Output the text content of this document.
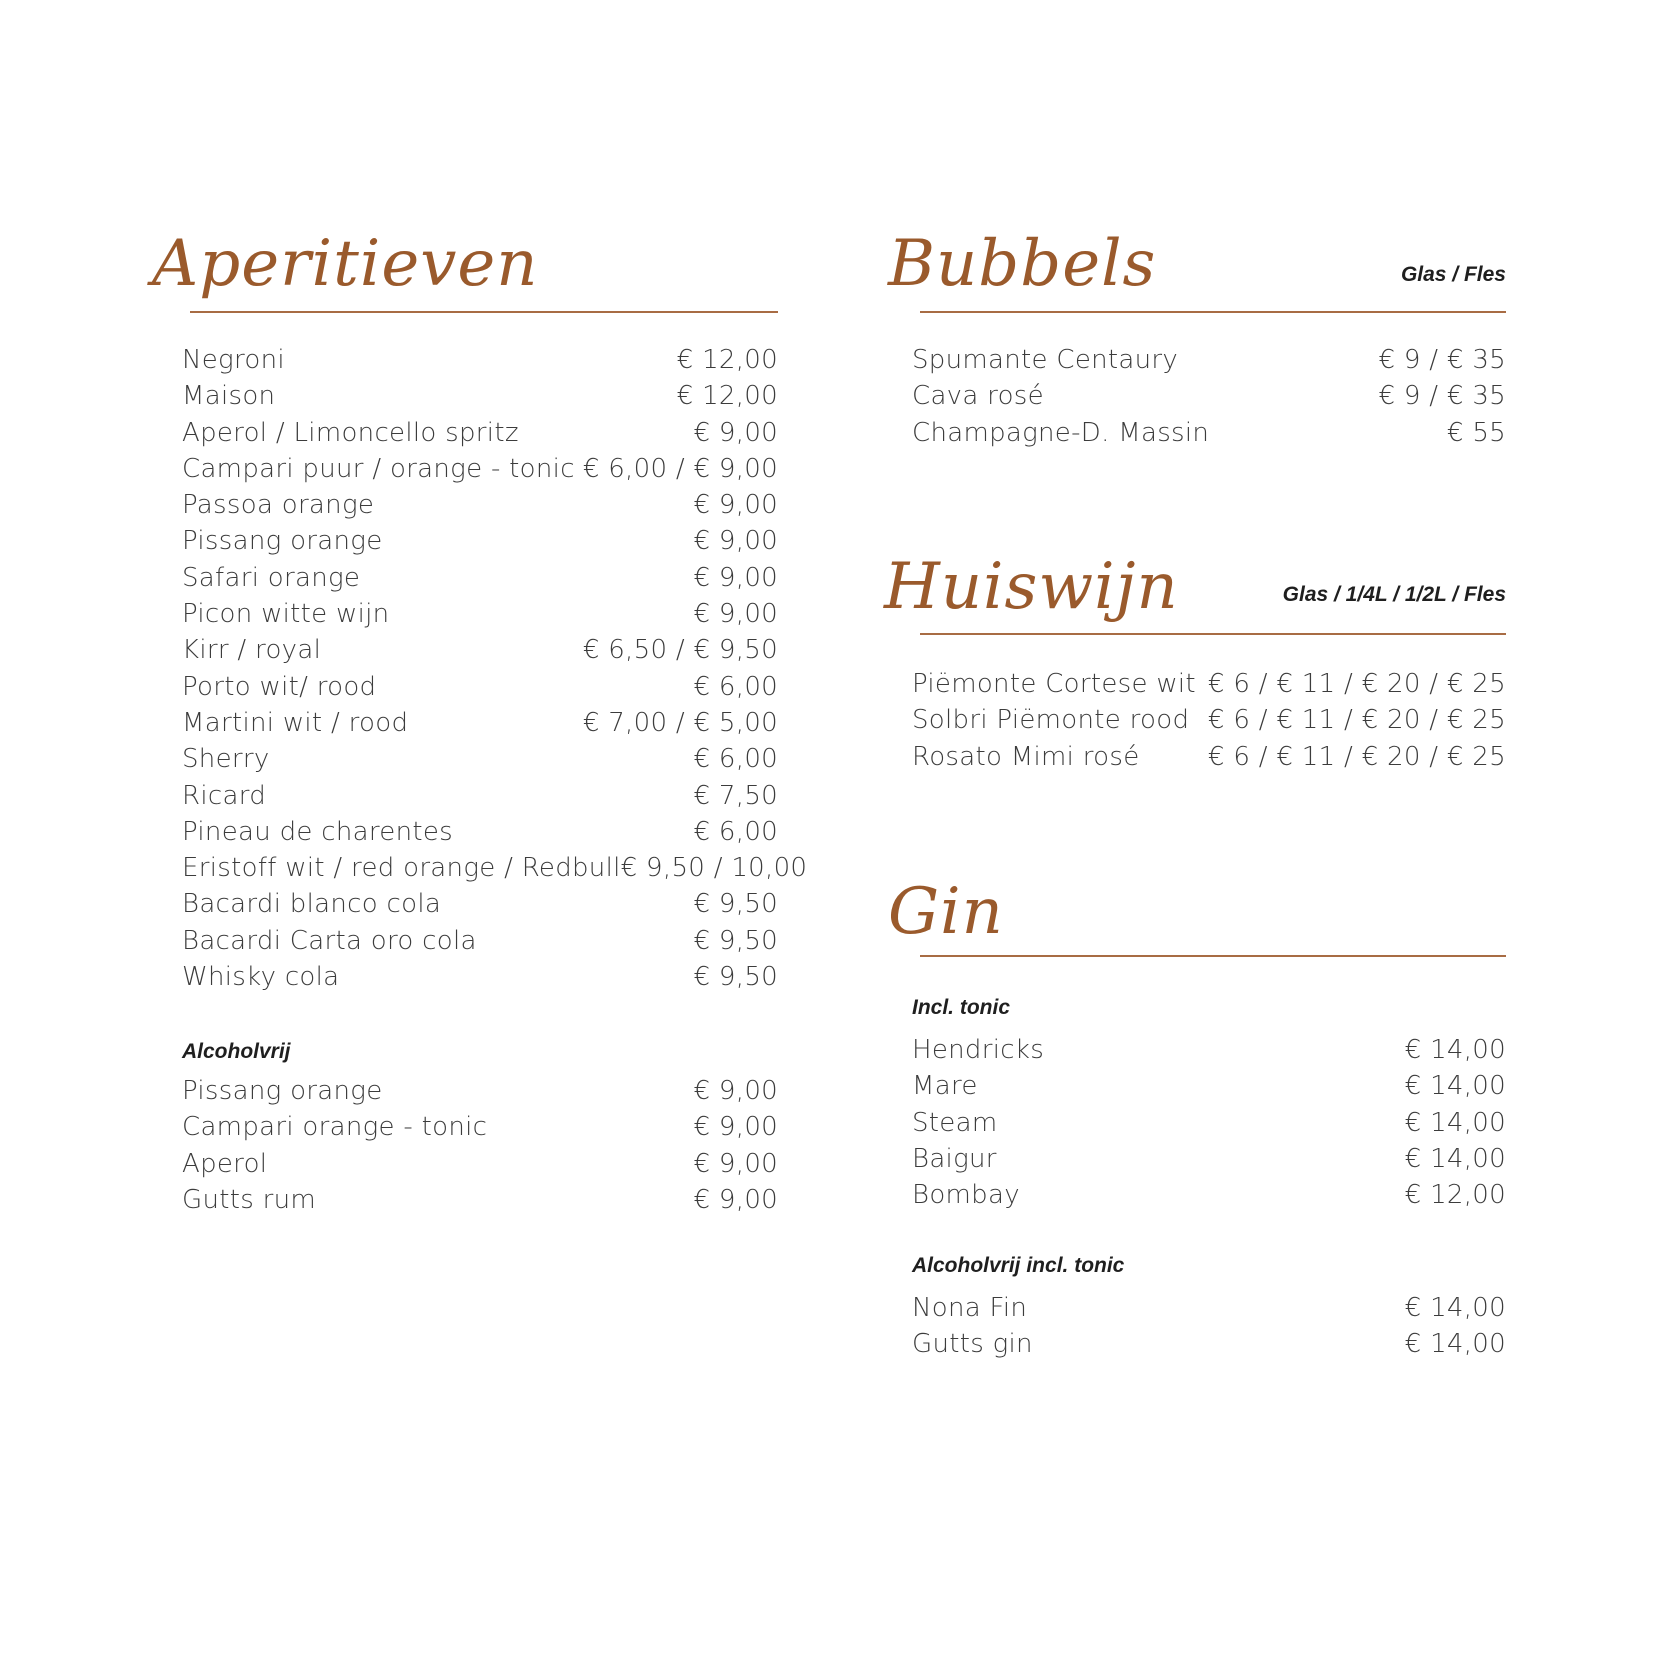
Aperitieven
Negroni	€ 12,00
Maison	€ 12,00
Aperol / Limoncello spritz	€ 9,00
Campari puur / orange - tonic € 6,00 / € 9,00
Passoa orange	€ 9,00
Pissang orange	€ 9,00
Safari orange	€ 9,00
Picon witte wijn	€ 9,00
Kirr / royal	€ 6,50 / € 9,50
Porto wit/ rood	€ 6,00
Martini wit / rood	€ 7,00 / € 5,00
Sherry	€ 6,00
Ricard	€ 7,50
Pineau de charentes	€ 6,00
Eristoff wit / red orange / Redbull € 9,50 / 10,00
Bacardi blanco cola	€ 9,50
Bacardi Carta oro cola	€ 9,50
Whisky cola	€ 9,50
Alcoholvrij
Pissang orange	€ 9,00
Campari orange - tonic	€ 9,00
Aperol	€ 9,00
Gutts rum	€ 9,00
Bubbels	Glas / Fles
Spumante Centaury	€ 9 / € 35
Cava rosé	€ 9 / € 35
Champagne-D. Massin	€ 55
Huiswijn	Glas / 1/4L / 1/2L / Fles
Piëmonte Cortese wit € 6 / € 11 / € 20 / € 25
Solbri Piëmonte rood € 6 / € 11 / € 20 / € 25
Rosato Mimi rosé	€ 6 / € 11 / € 20 / € 25
Gin
Incl. tonic
Hendricks	€ 14,00
Mare	€ 14,00
Steam	€ 14,00
Baigur	€ 14,00
Bombay	€ 12,00
Alcoholvrij incl. tonic
Nona Fin	€ 14,00
Gutts gin	€ 14,00
